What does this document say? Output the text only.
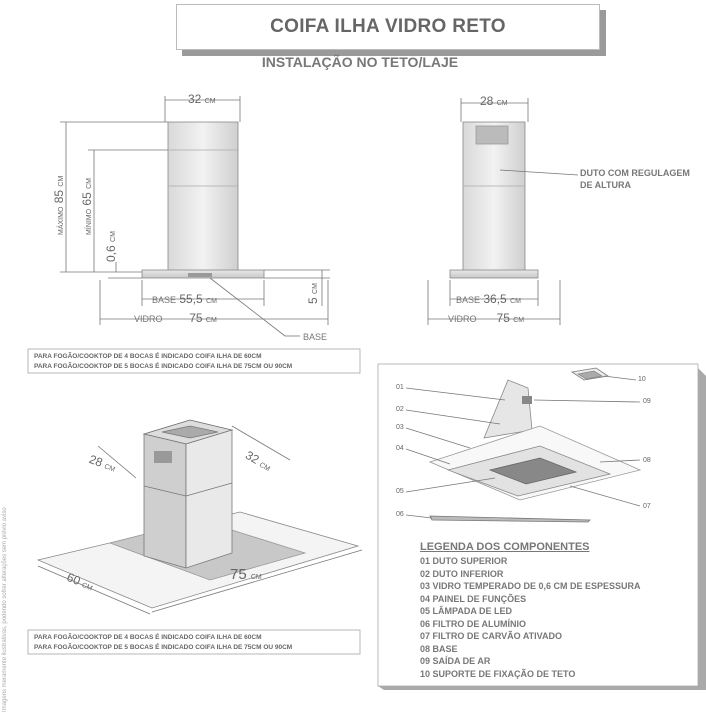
COIFA ILHA VIDRO RETO
INSTALAÇÃO NO TETO/LAJE
32 CM
MÁXIMO 85 CM
MÍNIMO 65 CM
0,6 CM
5 CM
BASE 55,5 CM
VIDRO 75 CM
BASE
28 CM
DUTO COM REGULAGEM
DE ALTURA
BASE 36,5 CM
VIDRO 75 CM
PARA FOGÃO/COOKTOP DE 4 BOCAS É INDICADO COIFA ILHA DE 60CM
PARA FOGÃO/COOKTOP DE 5 BOCAS É INDICADO COIFA ILHA DE 75CM OU 90CM
28 CM
32 CM
75 CM
60 CM
PARA FOGÃO/COOKTOP DE 4 BOCAS É INDICADO COIFA ILHA DE 60CM
PARA FOGÃO/COOKTOP DE 5 BOCAS É INDICADO COIFA ILHA DE 75CM OU 90CM
Imagens meramente ilustrativas, podendo sofrer alterações sem prévio aviso
01
02
03
04
05
06
07
08
09
10
LEGENDA DOS COMPONENTES
01 DUTO SUPERIOR
02 DUTO INFERIOR
03 VIDRO TEMPERADO DE 0,6 CM DE ESPESSURA
04 PAINEL DE FUNÇÕES
05 LÂMPADA DE LED
06 FILTRO DE ALUMÍNIO
07 FILTRO DE CARVÃO ATIVADO
08 BASE
09 SAÍDA DE AR
10 SUPORTE DE FIXAÇÃO DE TETO
